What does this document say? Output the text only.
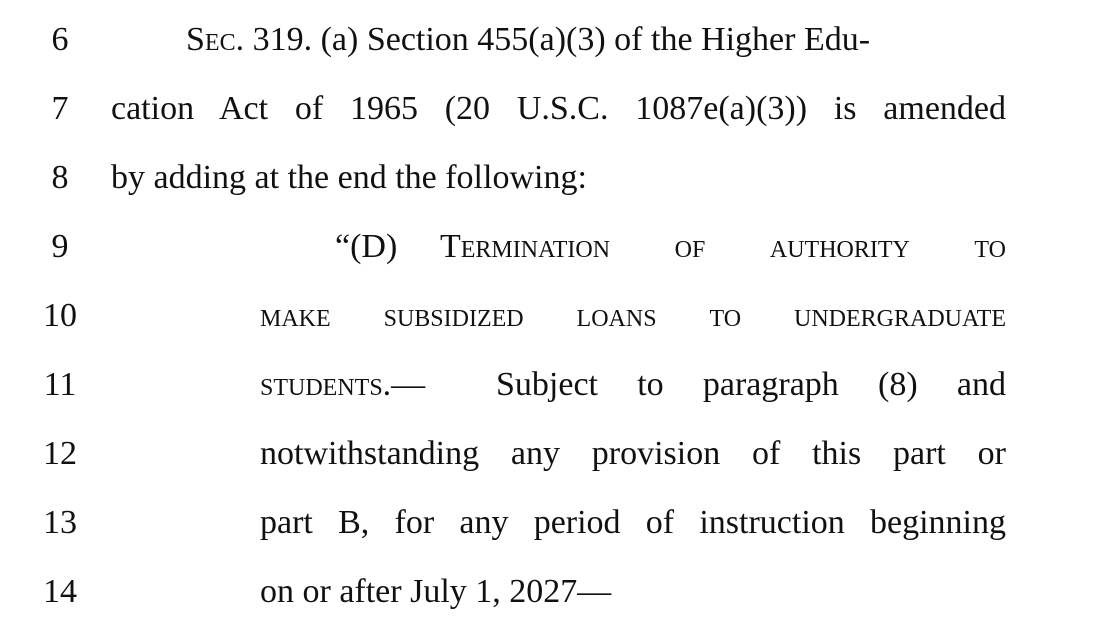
6	Sec. 319. (a) Section 455(a)(3) of the Higher Edu-
7	cation Act of 1965 (20 U.S.C. 1087e(a)(3)) is amended
8	by adding at the end the following:
9	“(D) Termination of authority to
10	make subsidized loans to undergraduate
11	students.— Subject to paragraph (8) and
12	notwithstanding any provision of this part or
13	part B, for any period of instruction beginning
14	on or after July 1, 2027—
